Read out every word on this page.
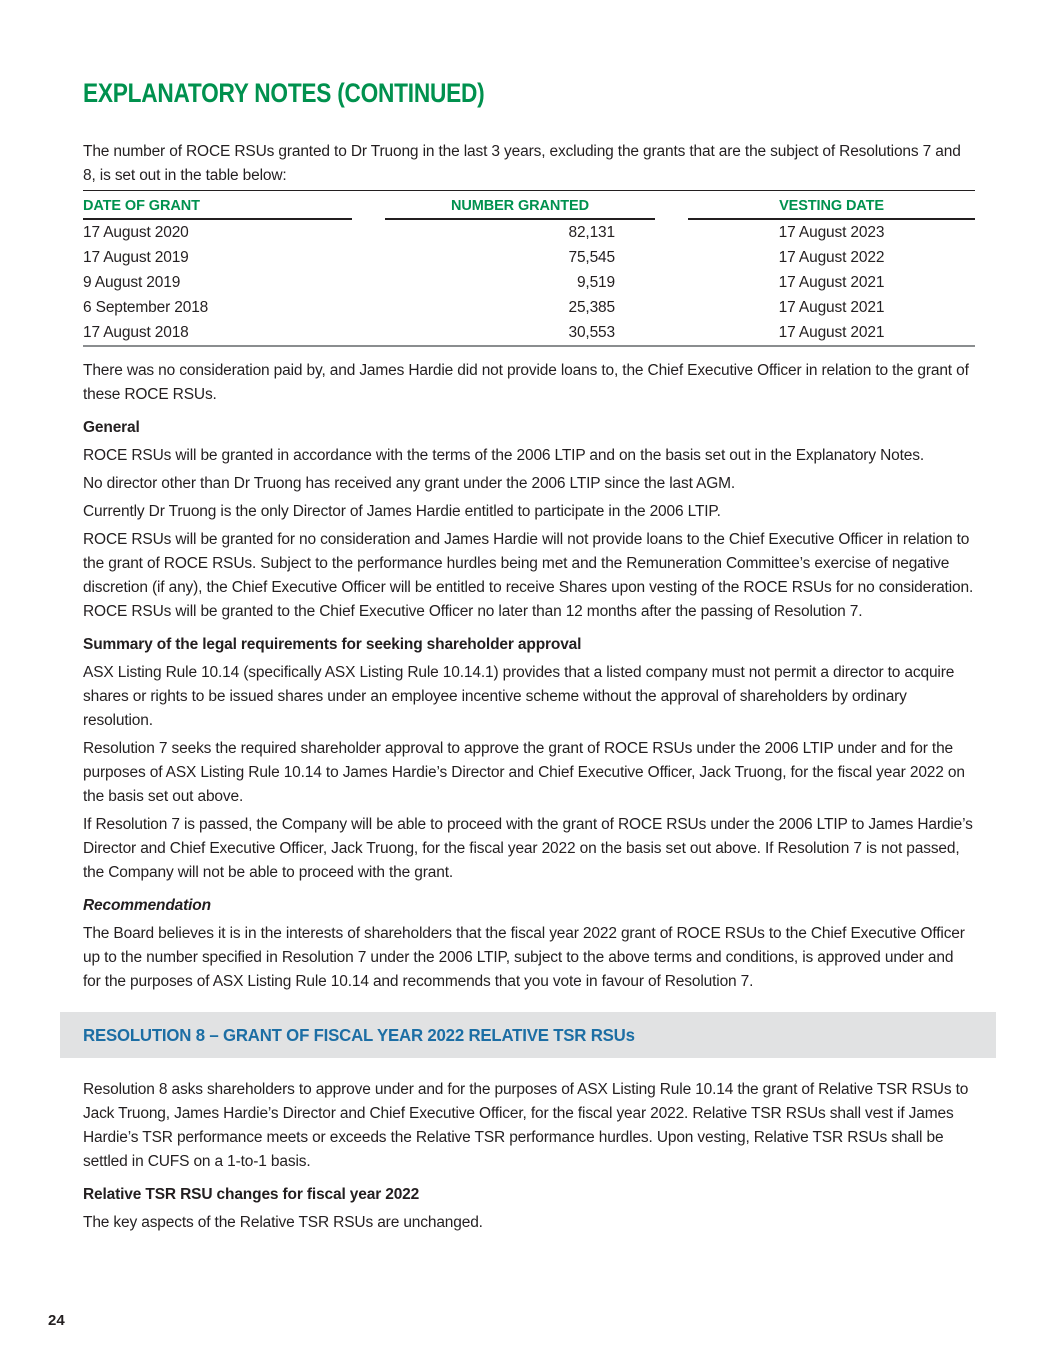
EXPLANATORY NOTES (CONTINUED)

The number of ROCE RSUs granted to Dr Truong in the last 3 years, excluding the grants that are the subject of Resolutions 7 and 8, is set out in the table below:

DATE OF GRANT	NUMBER GRANTED	VESTING DATE
17 August 2020	82,131	17 August 2023
17 August 2019	75,545	17 August 2022
9 August 2019	9,519	17 August 2021
6 September 2018	25,385	17 August 2021
17 August 2018	30,553	17 August 2021

There was no consideration paid by, and James Hardie did not provide loans to, the Chief Executive Officer in relation to the grant of these ROCE RSUs.

General

ROCE RSUs will be granted in accordance with the terms of the 2006 LTIP and on the basis set out in the Explanatory Notes.

No director other than Dr Truong has received any grant under the 2006 LTIP since the last AGM.

Currently Dr Truong is the only Director of James Hardie entitled to participate in the 2006 LTIP.

ROCE RSUs will be granted for no consideration and James Hardie will not provide loans to the Chief Executive Officer in relation to the grant of ROCE RSUs. Subject to the performance hurdles being met and the Remuneration Committee’s exercise of negative discretion (if any), the Chief Executive Officer will be entitled to receive Shares upon vesting of the ROCE RSUs for no consideration. ROCE RSUs will be granted to the Chief Executive Officer no later than 12 months after the passing of Resolution 7.

Summary of the legal requirements for seeking shareholder approval

ASX Listing Rule 10.14 (specifically ASX Listing Rule 10.14.1) provides that a listed company must not permit a director to acquire shares or rights to be issued shares under an employee incentive scheme without the approval of shareholders by ordinary resolution.

Resolution 7 seeks the required shareholder approval to approve the grant of ROCE RSUs under the 2006 LTIP under and for the purposes of ASX Listing Rule 10.14 to James Hardie’s Director and Chief Executive Officer, Jack Truong, for the fiscal year 2022 on the basis set out above.

If Resolution 7 is passed, the Company will be able to proceed with the grant of ROCE RSUs under the 2006 LTIP to James Hardie’s Director and Chief Executive Officer, Jack Truong, for the fiscal year 2022 on the basis set out above. If Resolution 7 is not passed, the Company will not be able to proceed with the grant.

Recommendation

The Board believes it is in the interests of shareholders that the fiscal year 2022 grant of ROCE RSUs to the Chief Executive Officer up to the number specified in Resolution 7 under the 2006 LTIP, subject to the above terms and conditions, is approved under and for the purposes of ASX Listing Rule 10.14 and recommends that you vote in favour of Resolution 7.

RESOLUTION 8 – GRANT OF FISCAL YEAR 2022 RELATIVE TSR RSUs

Resolution 8 asks shareholders to approve under and for the purposes of ASX Listing Rule 10.14 the grant of Relative TSR RSUs to Jack Truong, James Hardie’s Director and Chief Executive Officer, for the fiscal year 2022. Relative TSR RSUs shall vest if James Hardie’s TSR performance meets or exceeds the Relative TSR performance hurdles. Upon vesting, Relative TSR RSUs shall be settled in CUFS on a 1-to-1 basis.

Relative TSR RSU changes for fiscal year 2022

The key aspects of the Relative TSR RSUs are unchanged.

24
